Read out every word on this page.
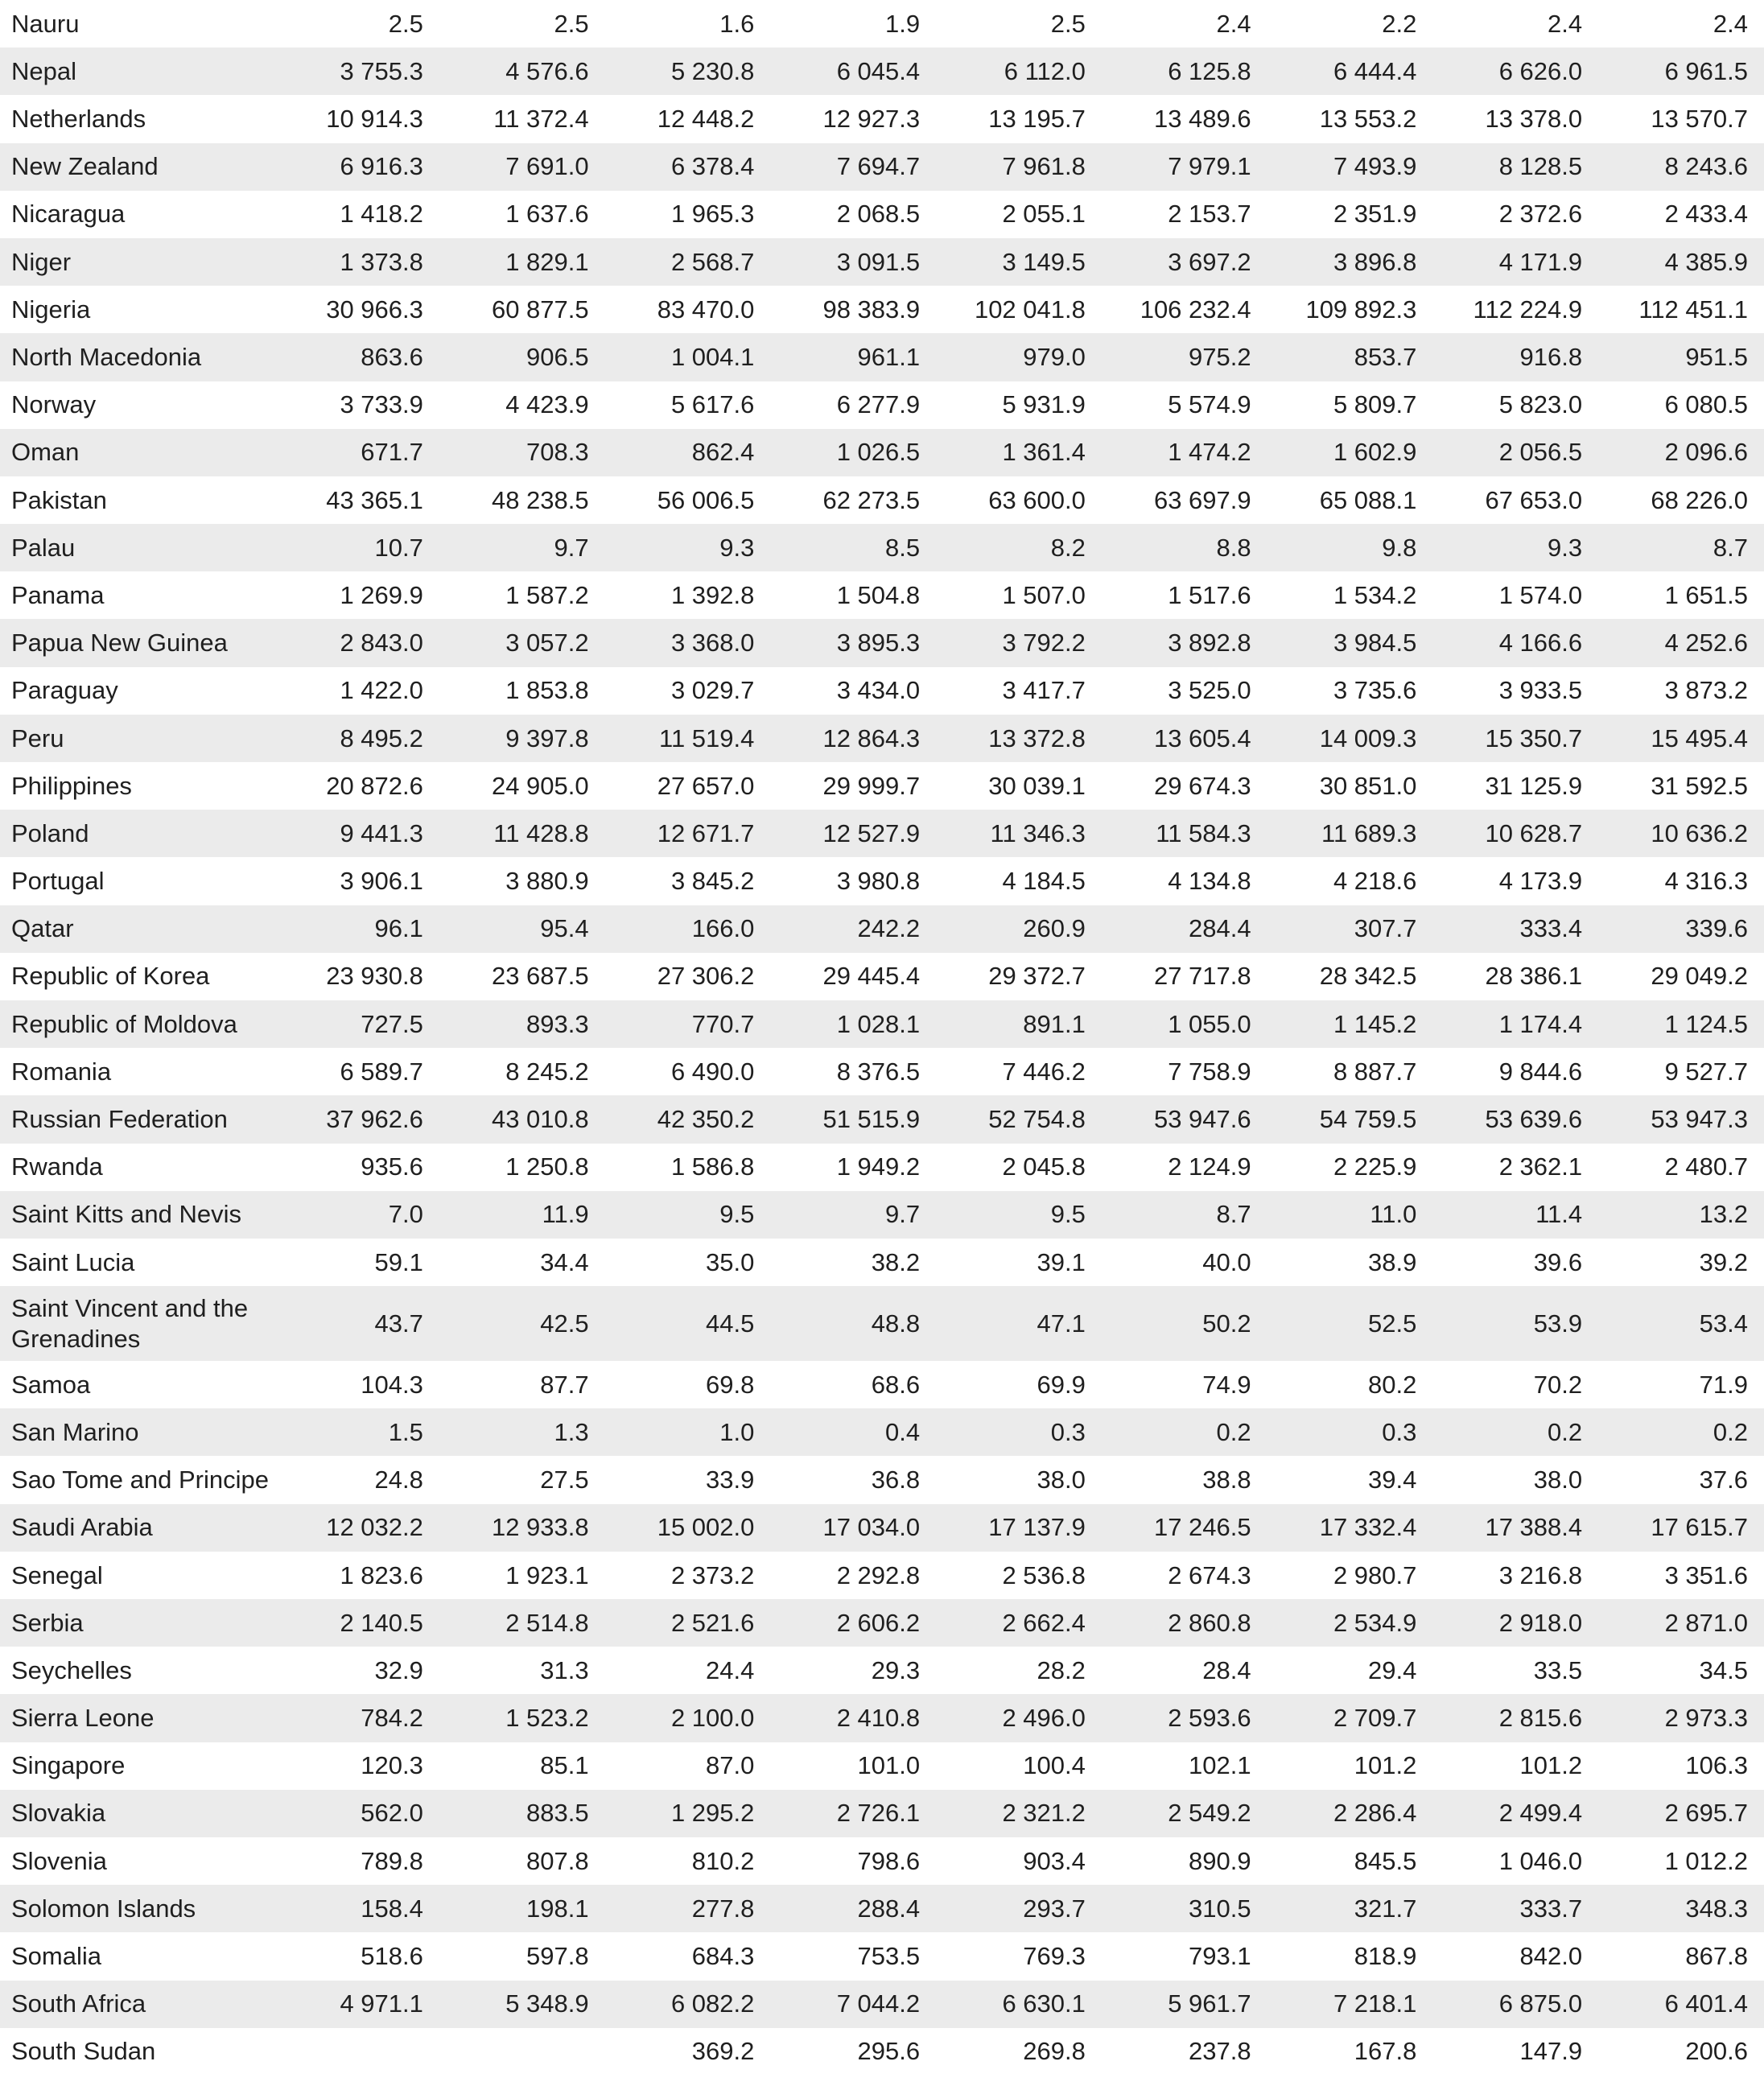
Nauru	2.5	2.5	1.6	1.9	2.5	2.4	2.2	2.4	2.4
Nepal	3 755.3	4 576.6	5 230.8	6 045.4	6 112.0	6 125.8	6 444.4	6 626.0	6 961.5
Netherlands	10 914.3	11 372.4	12 448.2	12 927.3	13 195.7	13 489.6	13 553.2	13 378.0	13 570.7
New Zealand	6 916.3	7 691.0	6 378.4	7 694.7	7 961.8	7 979.1	7 493.9	8 128.5	8 243.6
Nicaragua	1 418.2	1 637.6	1 965.3	2 068.5	2 055.1	2 153.7	2 351.9	2 372.6	2 433.4
Niger	1 373.8	1 829.1	2 568.7	3 091.5	3 149.5	3 697.2	3 896.8	4 171.9	4 385.9
Nigeria	30 966.3	60 877.5	83 470.0	98 383.9	102 041.8	106 232.4	109 892.3	112 224.9	112 451.1
North Macedonia	863.6	906.5	1 004.1	961.1	979.0	975.2	853.7	916.8	951.5
Norway	3 733.9	4 423.9	5 617.6	6 277.9	5 931.9	5 574.9	5 809.7	5 823.0	6 080.5
Oman	671.7	708.3	862.4	1 026.5	1 361.4	1 474.2	1 602.9	2 056.5	2 096.6
Pakistan	43 365.1	48 238.5	56 006.5	62 273.5	63 600.0	63 697.9	65 088.1	67 653.0	68 226.0
Palau	10.7	9.7	9.3	8.5	8.2	8.8	9.8	9.3	8.7
Panama	1 269.9	1 587.2	1 392.8	1 504.8	1 507.0	1 517.6	1 534.2	1 574.0	1 651.5
Papua New Guinea	2 843.0	3 057.2	3 368.0	3 895.3	3 792.2	3 892.8	3 984.5	4 166.6	4 252.6
Paraguay	1 422.0	1 853.8	3 029.7	3 434.0	3 417.7	3 525.0	3 735.6	3 933.5	3 873.2
Peru	8 495.2	9 397.8	11 519.4	12 864.3	13 372.8	13 605.4	14 009.3	15 350.7	15 495.4
Philippines	20 872.6	24 905.0	27 657.0	29 999.7	30 039.1	29 674.3	30 851.0	31 125.9	31 592.5
Poland	9 441.3	11 428.8	12 671.7	12 527.9	11 346.3	11 584.3	11 689.3	10 628.7	10 636.2
Portugal	3 906.1	3 880.9	3 845.2	3 980.8	4 184.5	4 134.8	4 218.6	4 173.9	4 316.3
Qatar	96.1	95.4	166.0	242.2	260.9	284.4	307.7	333.4	339.6
Republic of Korea	23 930.8	23 687.5	27 306.2	29 445.4	29 372.7	27 717.8	28 342.5	28 386.1	29 049.2
Republic of Moldova	727.5	893.3	770.7	1 028.1	891.1	1 055.0	1 145.2	1 174.4	1 124.5
Romania	6 589.7	8 245.2	6 490.0	8 376.5	7 446.2	7 758.9	8 887.7	9 844.6	9 527.7
Russian Federation	37 962.6	43 010.8	42 350.2	51 515.9	52 754.8	53 947.6	54 759.5	53 639.6	53 947.3
Rwanda	935.6	1 250.8	1 586.8	1 949.2	2 045.8	2 124.9	2 225.9	2 362.1	2 480.7
Saint Kitts and Nevis	7.0	11.9	9.5	9.7	9.5	8.7	11.0	11.4	13.2
Saint Lucia	59.1	34.4	35.0	38.2	39.1	40.0	38.9	39.6	39.2
Saint Vincent and the Grenadines	43.7	42.5	44.5	48.8	47.1	50.2	52.5	53.9	53.4
Samoa	104.3	87.7	69.8	68.6	69.9	74.9	80.2	70.2	71.9
San Marino	1.5	1.3	1.0	0.4	0.3	0.2	0.3	0.2	0.2
Sao Tome and Principe	24.8	27.5	33.9	36.8	38.0	38.8	39.4	38.0	37.6
Saudi Arabia	12 032.2	12 933.8	15 002.0	17 034.0	17 137.9	17 246.5	17 332.4	17 388.4	17 615.7
Senegal	1 823.6	1 923.1	2 373.2	2 292.8	2 536.8	2 674.3	2 980.7	3 216.8	3 351.6
Serbia	2 140.5	2 514.8	2 521.6	2 606.2	2 662.4	2 860.8	2 534.9	2 918.0	2 871.0
Seychelles	32.9	31.3	24.4	29.3	28.2	28.4	29.4	33.5	34.5
Sierra Leone	784.2	1 523.2	2 100.0	2 410.8	2 496.0	2 593.6	2 709.7	2 815.6	2 973.3
Singapore	120.3	85.1	87.0	101.0	100.4	102.1	101.2	101.2	106.3
Slovakia	562.0	883.5	1 295.2	2 726.1	2 321.2	2 549.2	2 286.4	2 499.4	2 695.7
Slovenia	789.8	807.8	810.2	798.6	903.4	890.9	845.5	1 046.0	1 012.2
Solomon Islands	158.4	198.1	277.8	288.4	293.7	310.5	321.7	333.7	348.3
Somalia	518.6	597.8	684.3	753.5	769.3	793.1	818.9	842.0	867.8
South Africa	4 971.1	5 348.9	6 082.2	7 044.2	6 630.1	5 961.7	7 218.1	6 875.0	6 401.4
South Sudan			369.2	295.6	269.8	237.8	167.8	147.9	200.6
